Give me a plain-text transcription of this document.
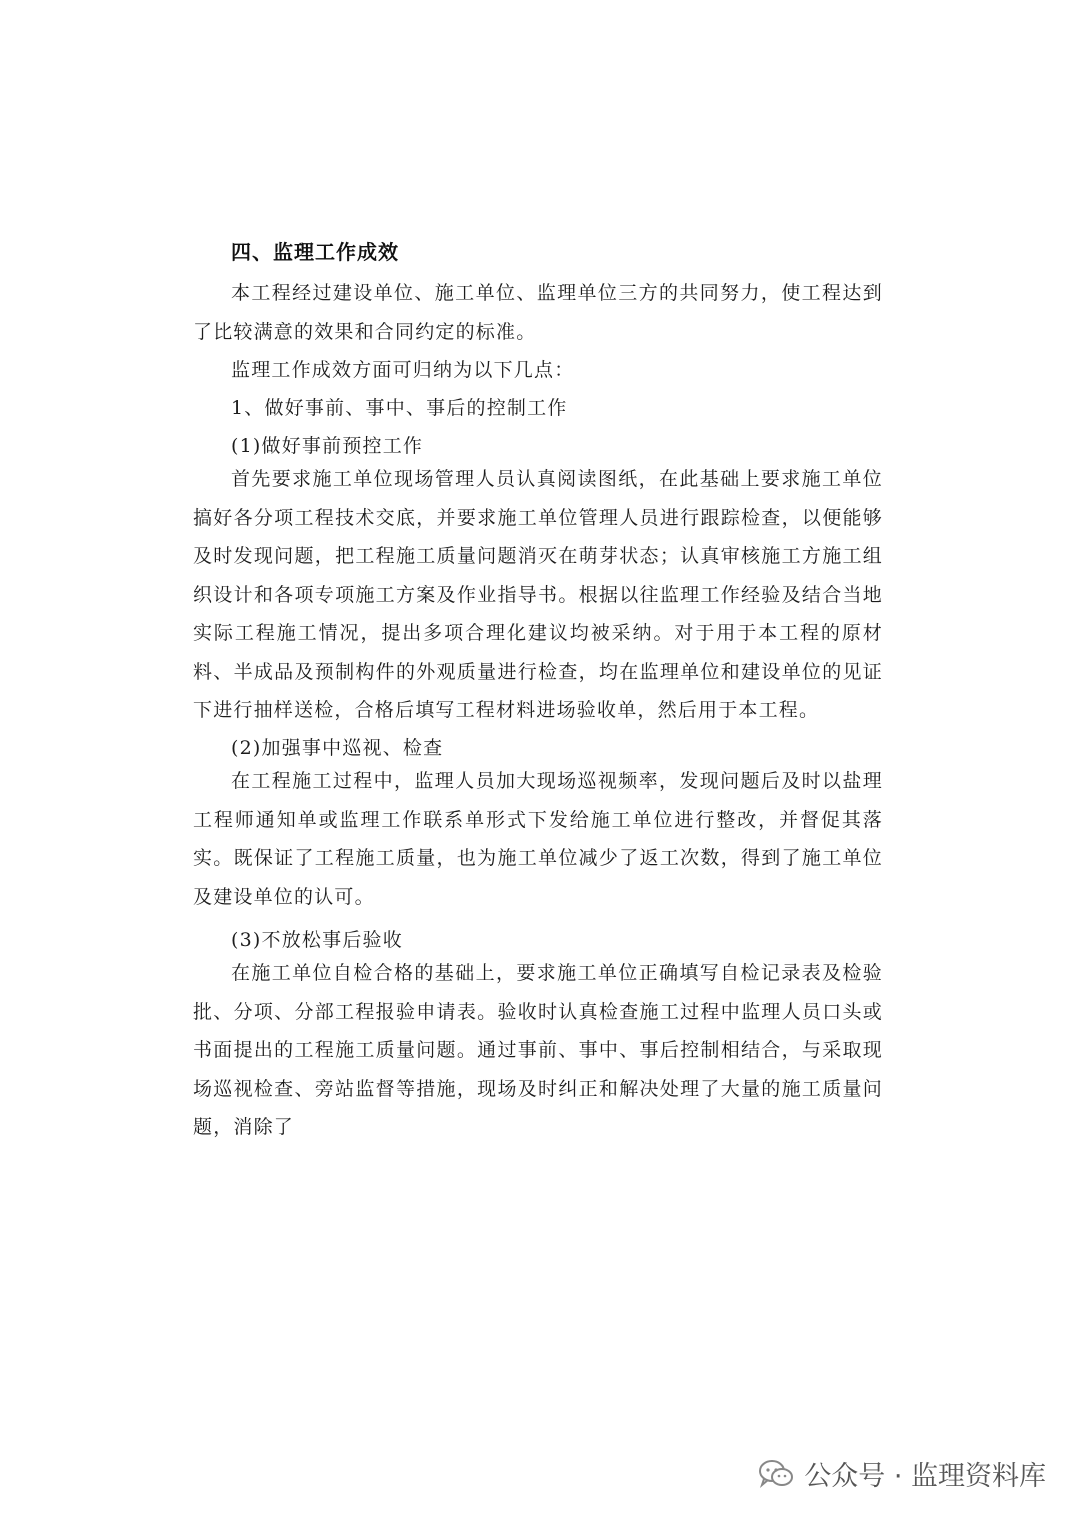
四、监理工作成效

本工程经过建设单位、施工单位、监理单位三方的共同努力，使工程达到了比较满意的效果和合同约定的标准。

监理工作成效方面可归纳为以下几点：
1、做好事前、事中、事后的控制工作
(1)做好事前预控工作

首先要求施工单位现场管理人员认真阅读图纸，在此基础上要求施工单位搞好各分项工程技术交底，并要求施工单位管理人员进行跟踪检查，以便能够及时发现问题，把工程施工质量问题消灭在萌芽状态；认真审核施工方施工组织设计和各项专项施工方案及作业指导书。根据以往监理工作经验及结合当地实际工程施工情况，提出多项合理化建议均被采纳。对于用于本工程的原材料、半成品及预制构件的外观质量进行检查，均在监理单位和建设单位的见证下进行抽样送检，合格后填写工程材料进场验收单，然后用于本工程。

(2)加强事中巡视、检查

在工程施工过程中，监理人员加大现场巡视频率，发现问题后及时以盐理工程师通知单或监理工作联系单形式下发给施工单位进行整改，并督促其落实。既保证了工程施工质量，也为施工单位减少了返工次数，得到了施工单位及建设单位的认可。

(3)不放松事后验收

在施工单位自检合格的基础上，要求施工单位正确填写自检记录表及检验批、分项、分部工程报验申请表。验收时认真检查施工过程中监理人员口头或书面提出的工程施工质量问题。通过事前、事中、事后控制相结合，与采取现场巡视检查、旁站监督等措施，现场及时纠正和解决处理了大量的施工质量问题，消除了

公众号 · 监理资料库
